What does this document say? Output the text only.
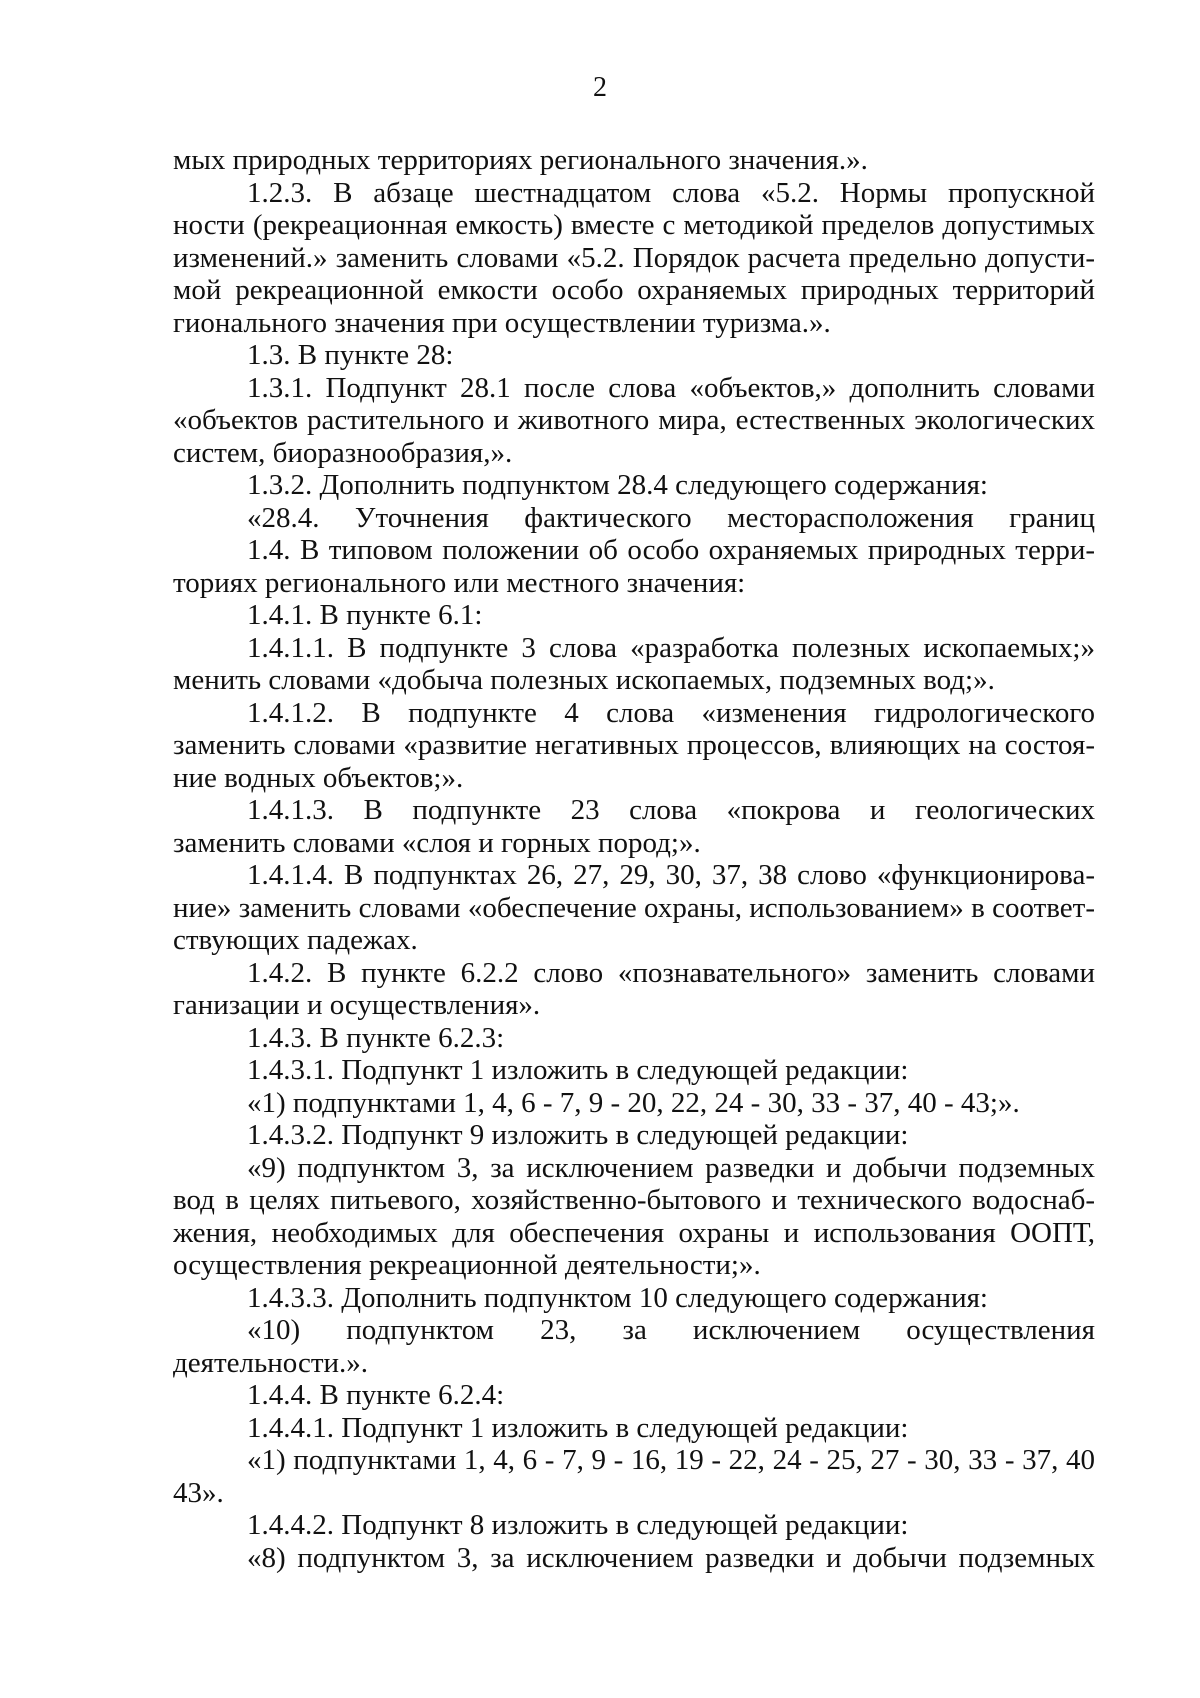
2
мых природных территориях регионального значения.».
1.2.3. В абзаце шестнадцатом слова «5.2. Нормы пропускной
ности (рекреационная емкость) вместе с методикой пределов допустимых
изменений.» заменить словами «5.2. Порядок расчета предельно допусти-
мой рекреационной емкости особо охраняемых природных территорий
гионального значения при осуществлении туризма.».
1.3. В пункте 28:
1.3.1. Подпункт 28.1 после слова «объектов,» дополнить словами
«объектов растительного и животного мира, естественных экологических
систем, биоразнообразия,».
1.3.2. Дополнить подпунктом 28.4 следующего содержания:
«28.4. Уточнения фактического месторасположения границ
1.4. В типовом положении об особо охраняемых природных терри-
ториях регионального или местного значения:
1.4.1. В пункте 6.1:
1.4.1.1. В подпункте 3 слова «разработка полезных ископаемых;»
менить словами «добыча полезных ископаемых, подземных вод;».
1.4.1.2. В подпункте 4 слова «изменения гидрологического
заменить словами «развитие негативных процессов, влияющих на состоя-
ние водных объектов;».
1.4.1.3. В подпункте 23 слова «покрова и геологических
заменить словами «слоя и горных пород;».
1.4.1.4. В подпунктах 26, 27, 29, 30, 37, 38 слово «функционирова-
ние» заменить словами «обеспечение охраны, использованием» в соответ-
ствующих падежах.
1.4.2. В пункте 6.2.2 слово «познавательного» заменить словами
ганизации и осуществления».
1.4.3. В пункте 6.2.3:
1.4.3.1. Подпункт 1 изложить в следующей редакции:
«1) подпунктами 1, 4, 6 - 7, 9 - 20, 22, 24 - 30, 33 - 37, 40 - 43;».
1.4.3.2. Подпункт 9 изложить в следующей редакции:
«9) подпунктом 3, за исключением разведки и добычи подземных
вод в целях питьевого, хозяйственно-бытового и технического водоснаб-
жения, необходимых для обеспечения охраны и использования ООПТ,
осуществления рекреационной деятельности;».
1.4.3.3. Дополнить подпунктом 10 следующего содержания:
«10) подпунктом 23, за исключением осуществления
деятельности.».
1.4.4. В пункте 6.2.4:
1.4.4.1. Подпункт 1 изложить в следующей редакции:
«1) подпунктами 1, 4, 6 - 7, 9 - 16, 19 - 22, 24 - 25, 27 - 30, 33 - 37, 40
43».
1.4.4.2. Подпункт 8 изложить в следующей редакции:
«8) подпунктом 3, за исключением разведки и добычи подземных
